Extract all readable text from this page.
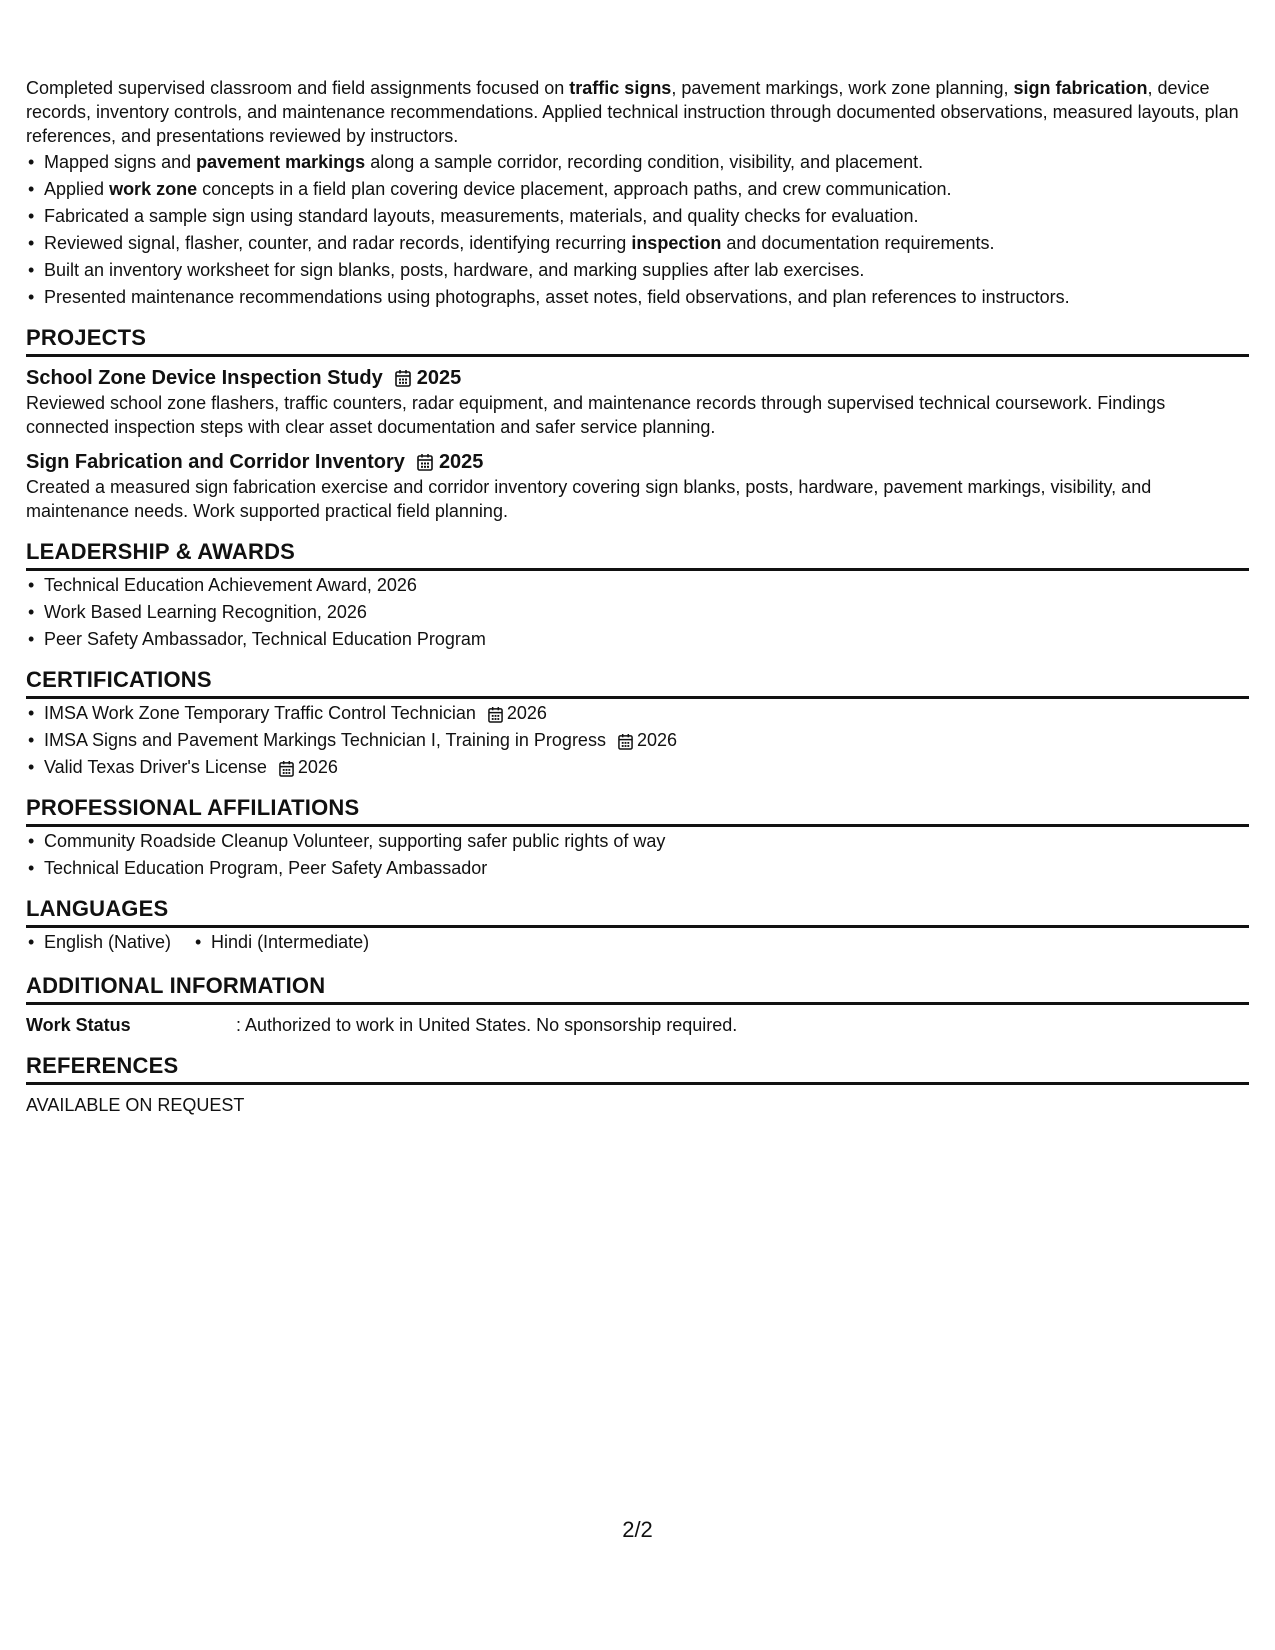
Completed supervised classroom and field assignments focused on traffic signs, pavement markings, work zone planning, sign fabrication, device records, inventory controls, and maintenance recommendations. Applied technical instruction through documented observations, measured layouts, plan references, and presentations reviewed by instructors.

• Mapped signs and pavement markings along a sample corridor, recording condition, visibility, and placement.
• Applied work zone concepts in a field plan covering device placement, approach paths, and crew communication.
• Fabricated a sample sign using standard layouts, measurements, materials, and quality checks for evaluation.
• Reviewed signal, flasher, counter, and radar records, identifying recurring inspection and documentation requirements.
• Built an inventory worksheet for sign blanks, posts, hardware, and marking supplies after lab exercises.
• Presented maintenance recommendations using photographs, asset notes, field observations, and plan references to instructors.
PROJECTS
School Zone Device Inspection Study 2025

Reviewed school zone flashers, traffic counters, radar equipment, and maintenance records through supervised technical coursework. Findings connected inspection steps with clear asset documentation and safer service planning.

Sign Fabrication and Corridor Inventory 2025

Created a measured sign fabrication exercise and corridor inventory covering sign blanks, posts, hardware, pavement markings, visibility, and maintenance needs. Work supported practical field planning.

LEADERSHIP & AWARDS
• Technical Education Achievement Award, 2026
• Work Based Learning Recognition, 2026
• Peer Safety Ambassador, Technical Education Program
CERTIFICATIONS
• IMSA Work Zone Temporary Traffic Control Technician 2026
• IMSA Signs and Pavement Markings Technician I, Training in Progress 2026
• Valid Texas Driver's License 2026
PROFESSIONAL AFFILIATIONS
• Community Roadside Cleanup Volunteer, supporting safer public rights of way
• Technical Education Program, Peer Safety Ambassador
LANGUAGES
• English (Native)
• Hindi (Intermediate)
ADDITIONAL INFORMATION
Work Status	: Authorized to work in United States. No sponsorship required.
REFERENCES

AVAILABLE ON REQUEST

2/2
